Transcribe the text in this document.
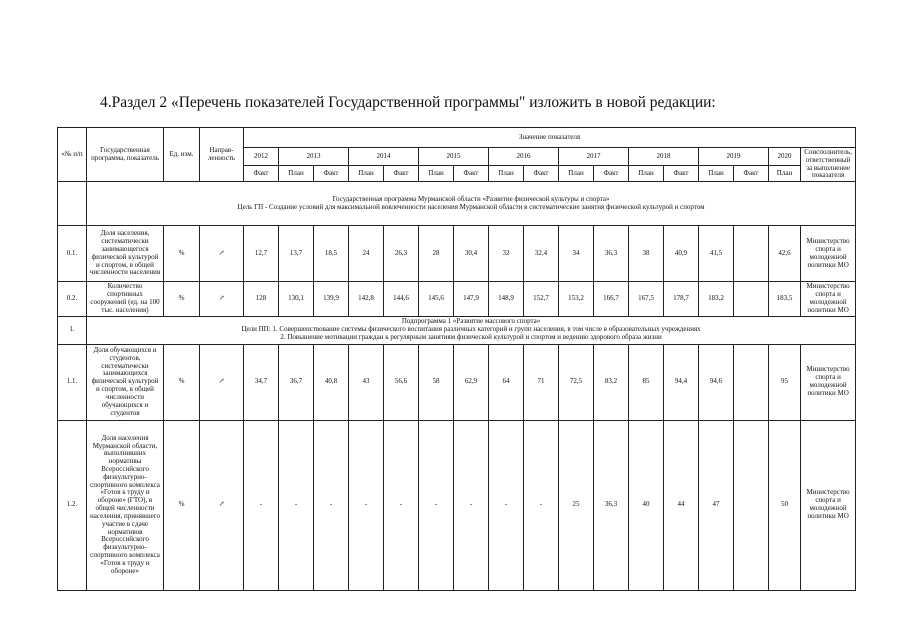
4.Раздел 2 «Перечень показателей Государственной программы" изложить в новой редакции:
«№ п/п	Государственная программа, показатель	Ед. изм.	Направ- ленность	Значение показателя																
				2012	2013		2014		2015		2016		2017		2018		2019		2020	Соисполнитель, ответственный за выполнение показателя
				Факт	План	Факт	План	Факт	План	Факт	План	Факт	План	Факт	План	Факт	План	Факт	План	

	Государственная программа Мурманской области «Развитие физической культуры и спорта»
Цель ГП - Создание условий для максимальной вовлеченности населения Мурманской области в систематические занятия физической культурой и спортом																			

0.1.	Доля населения, систематически занимающегося физической культурой и спортом, в общей численности населения	%	↗	12,7	13,7	18,5	24	26,3	28	30,4	32	32,4	34	36,3	38	40,9	41,5		42,6	Министерство спорта и молодежной политики МО
0.2.	Количество спортивных сооружений (ед. на 100 тыс. населения)	%	↗	128	130,1	139,9	142,8	144,6	145,6	147,9	148,9	152,7	153,2	166,7	167,5	178,7	183,2		183,5	Министерство спорта и молодежной политики МО
1.	Подпрограмма 1 «Развитие массового спорта»
Цели ПП: 1. Совершенствование системы физического воспитания различных категорий и групп населения, в том числе в образовательных учреждениях
2. Повышение мотивации граждан к регулярным занятиям физической культурой и спортом и ведению здорового образа жизни																			

1.1.	Доля обучающихся и студентов, систематически занимающихся физической культурой и спортом, в общей численности обучающихся и студентов	%	↗	34,7	36,7	40,8	43	56,6	58	62,9	64	71	72,5	83,2	85	94,4	94,6		95	Министерство спорта и молодежной политики МО
1.2.	Доля населения Мурманской области, выполнивших нормативы Всероссийского физкультурно-спортивного комплекса «Готов к труду и обороне» (ГТО), в общей численности населения, принявшего участие в сдаче нормативов Всероссийского физкультурно-спортивного комплекса «Готов к труду и обороне»	%	↗	-	-	-	-	-	-	-	-	-	25	36,3	40	44	47		50	Министерство спорта и молодежной политики МО
